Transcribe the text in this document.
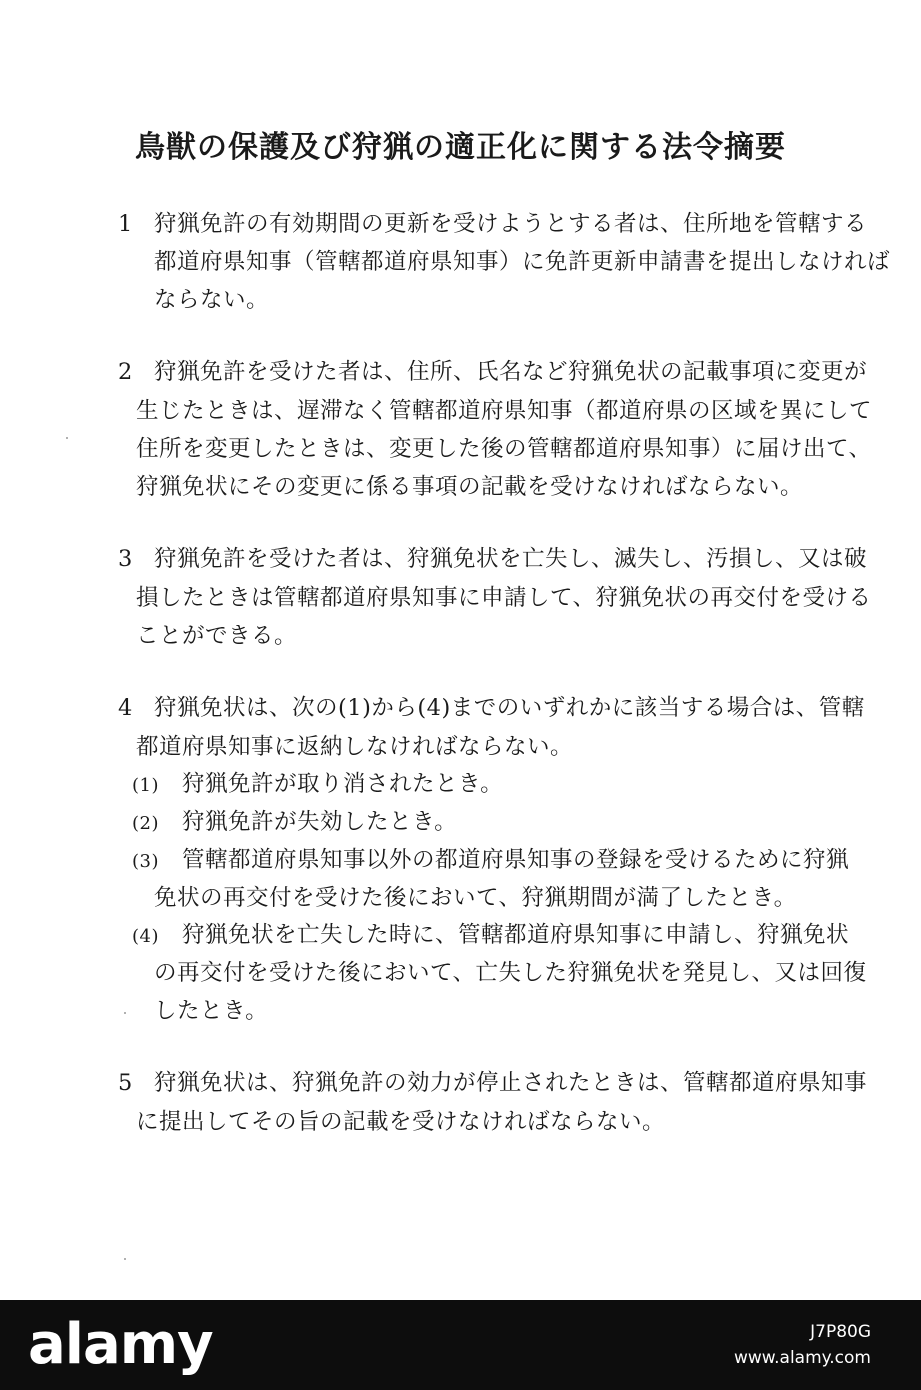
鳥獣の保護及び狩猟の適正化に関する法令摘要
1 狩猟免許の有効期間の更新を受けようとする者は、住所地を管轄する
都道府県知事（管轄都道府県知事）に免許更新申請書を提出しなければ
ならない。
2 狩猟免許を受けた者は、住所、氏名など狩猟免状の記載事項に変更が
生じたときは、遅滞なく管轄都道府県知事（都道府県の区域を異にして
住所を変更したときは、変更した後の管轄都道府県知事）に届け出て、
狩猟免状にその変更に係る事項の記載を受けなければならない。
3 狩猟免許を受けた者は、狩猟免状を亡失し、滅失し、汚損し、又は破
損したときは管轄都道府県知事に申請して、狩猟免状の再交付を受ける
ことができる。
4 狩猟免状は、次の(1)から(4)までのいずれかに該当する場合は、管轄
都道府県知事に返納しなければならない。
(1) 狩猟免許が取り消されたとき。
(2) 狩猟免許が失効したとき。
(3) 管轄都道府県知事以外の都道府県知事の登録を受けるために狩猟
免状の再交付を受けた後において、狩猟期間が満了したとき。
(4) 狩猟免状を亡失した時に、管轄都道府県知事に申請し、狩猟免状
の再交付を受けた後において、亡失した狩猟免状を発見し、又は回復
したとき。
5 狩猟免状は、狩猟免許の効力が停止されたときは、管轄都道府県知事
に提出してその旨の記載を受けなければならない。
alamy	J7P80G
www.alamy.com
